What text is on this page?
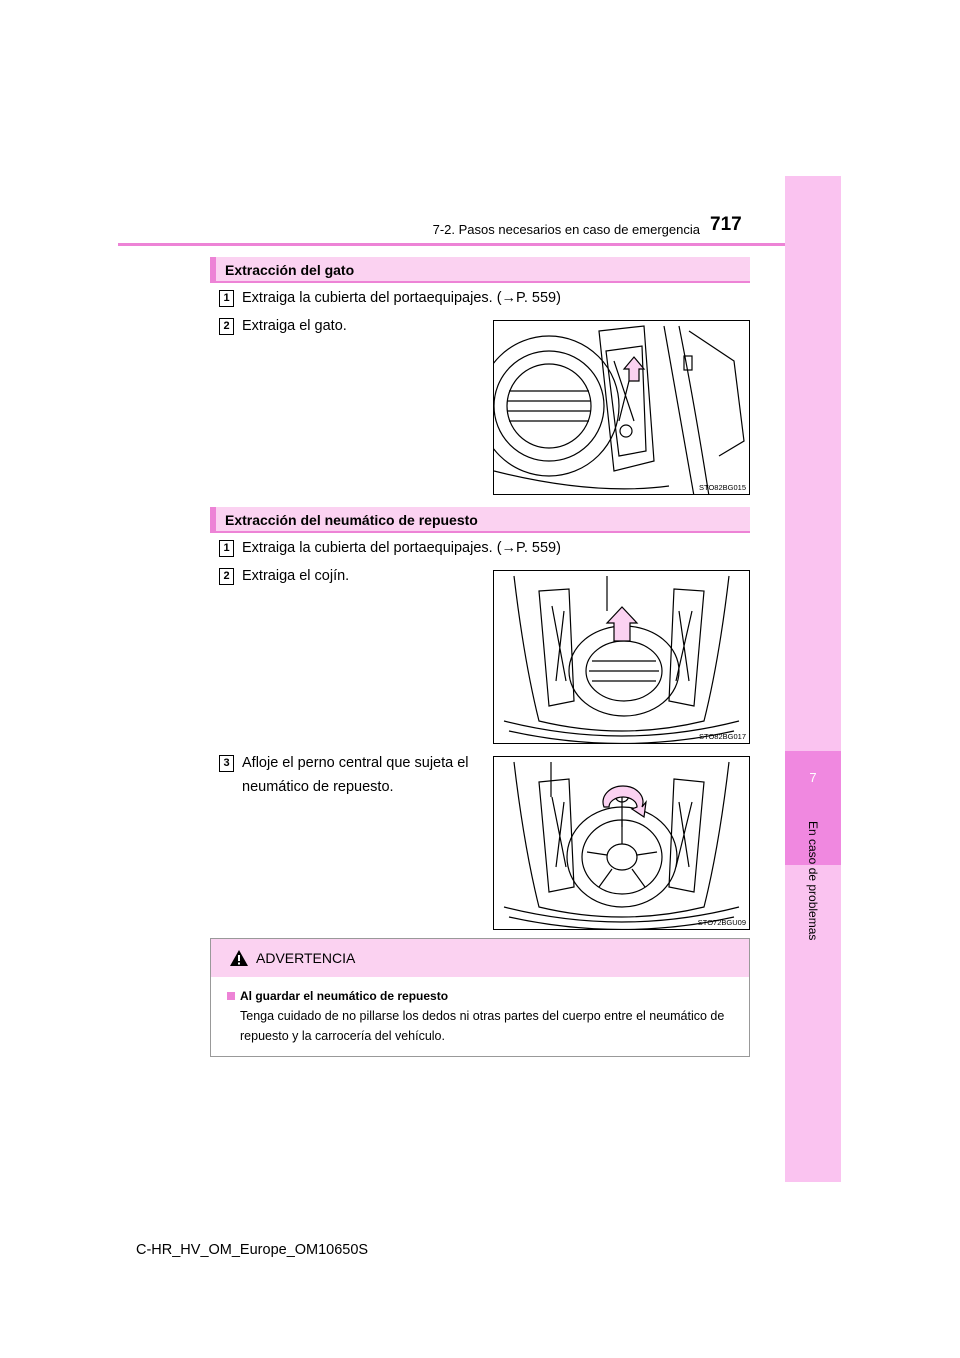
7
En caso de problemas
7-2. Pasos necesarios en caso de emergencia 717
Extracción del gato
1 Extraiga la cubierta del portaequipajes. (→P. 559)
2 Extraiga el gato.
STO82BG015
Extracción del neumático de repuesto
1 Extraiga la cubierta del portaequipajes. (→P. 559)
2 Extraiga el cojín.
STO82BG017
3 Afloje el perno central que sujeta el
neumático de repuesto.
STO72BGU09
ADVERTENCIA
Al guardar el neumático de repuesto
Tenga cuidado de no pillarse los dedos ni otras partes del cuerpo entre el neumático de repuesto y la carrocería del vehículo.
C-HR_HV_OM_Europe_OM10650S
